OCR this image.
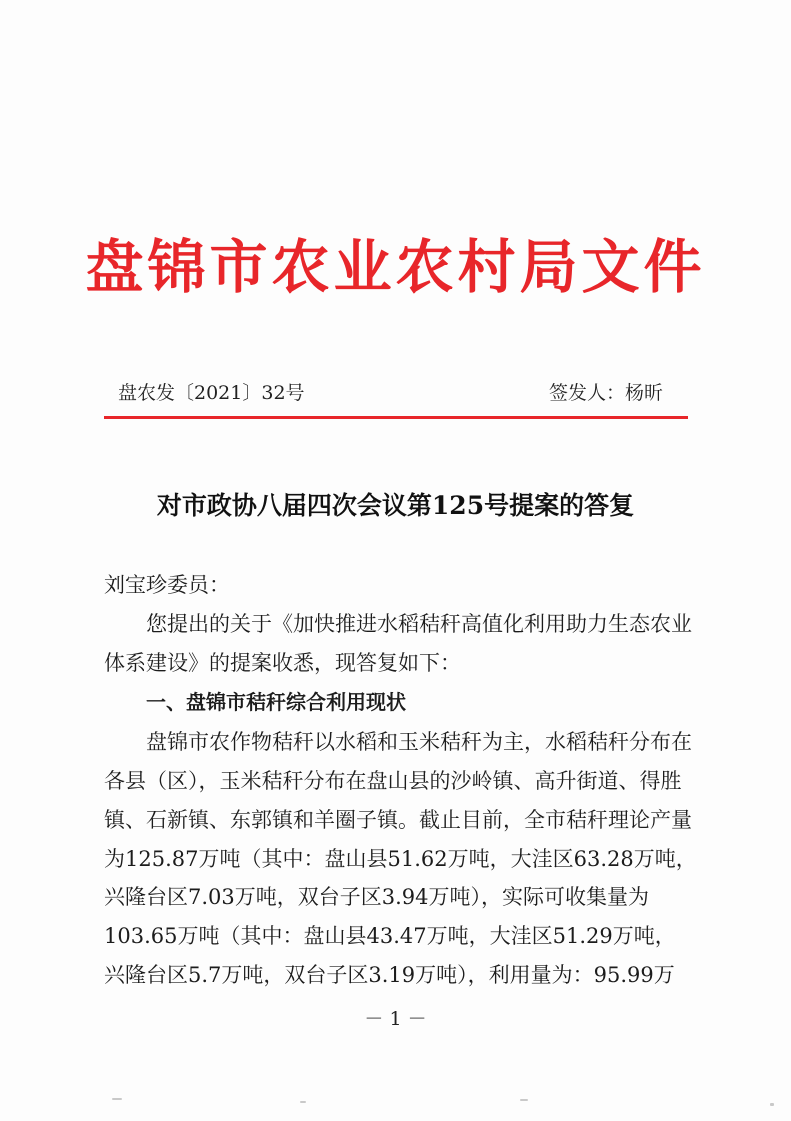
盘锦市农业农村局文件
盘农发〔2021〕32号	签发人：杨昕
对市政协八届四次会议第125号提案的答复
刘宝珍委员：
您提出的关于《加快推进水稻秸秆高值化利用助力生态农业
体系建设》的提案收悉，现答复如下：
一、盘锦市秸秆综合利用现状
盘锦市农作物秸秆以水稻和玉米秸秆为主，水稻秸秆分布在
各县（区），玉米秸秆分布在盘山县的沙岭镇、高升街道、得胜
镇、石新镇、东郭镇和羊圈子镇。截止目前，全市秸秆理论产量
为125.87万吨（其中：盘山县51.62万吨，大洼区63.28万吨，
兴隆台区7.03万吨，双台子区3.94万吨），实际可收集量为
103.65万吨（其中：盘山县43.47万吨，大洼区51.29万吨，
兴隆台区5.7万吨，双台子区3.19万吨），利用量为：95.99万
－ 1 －
